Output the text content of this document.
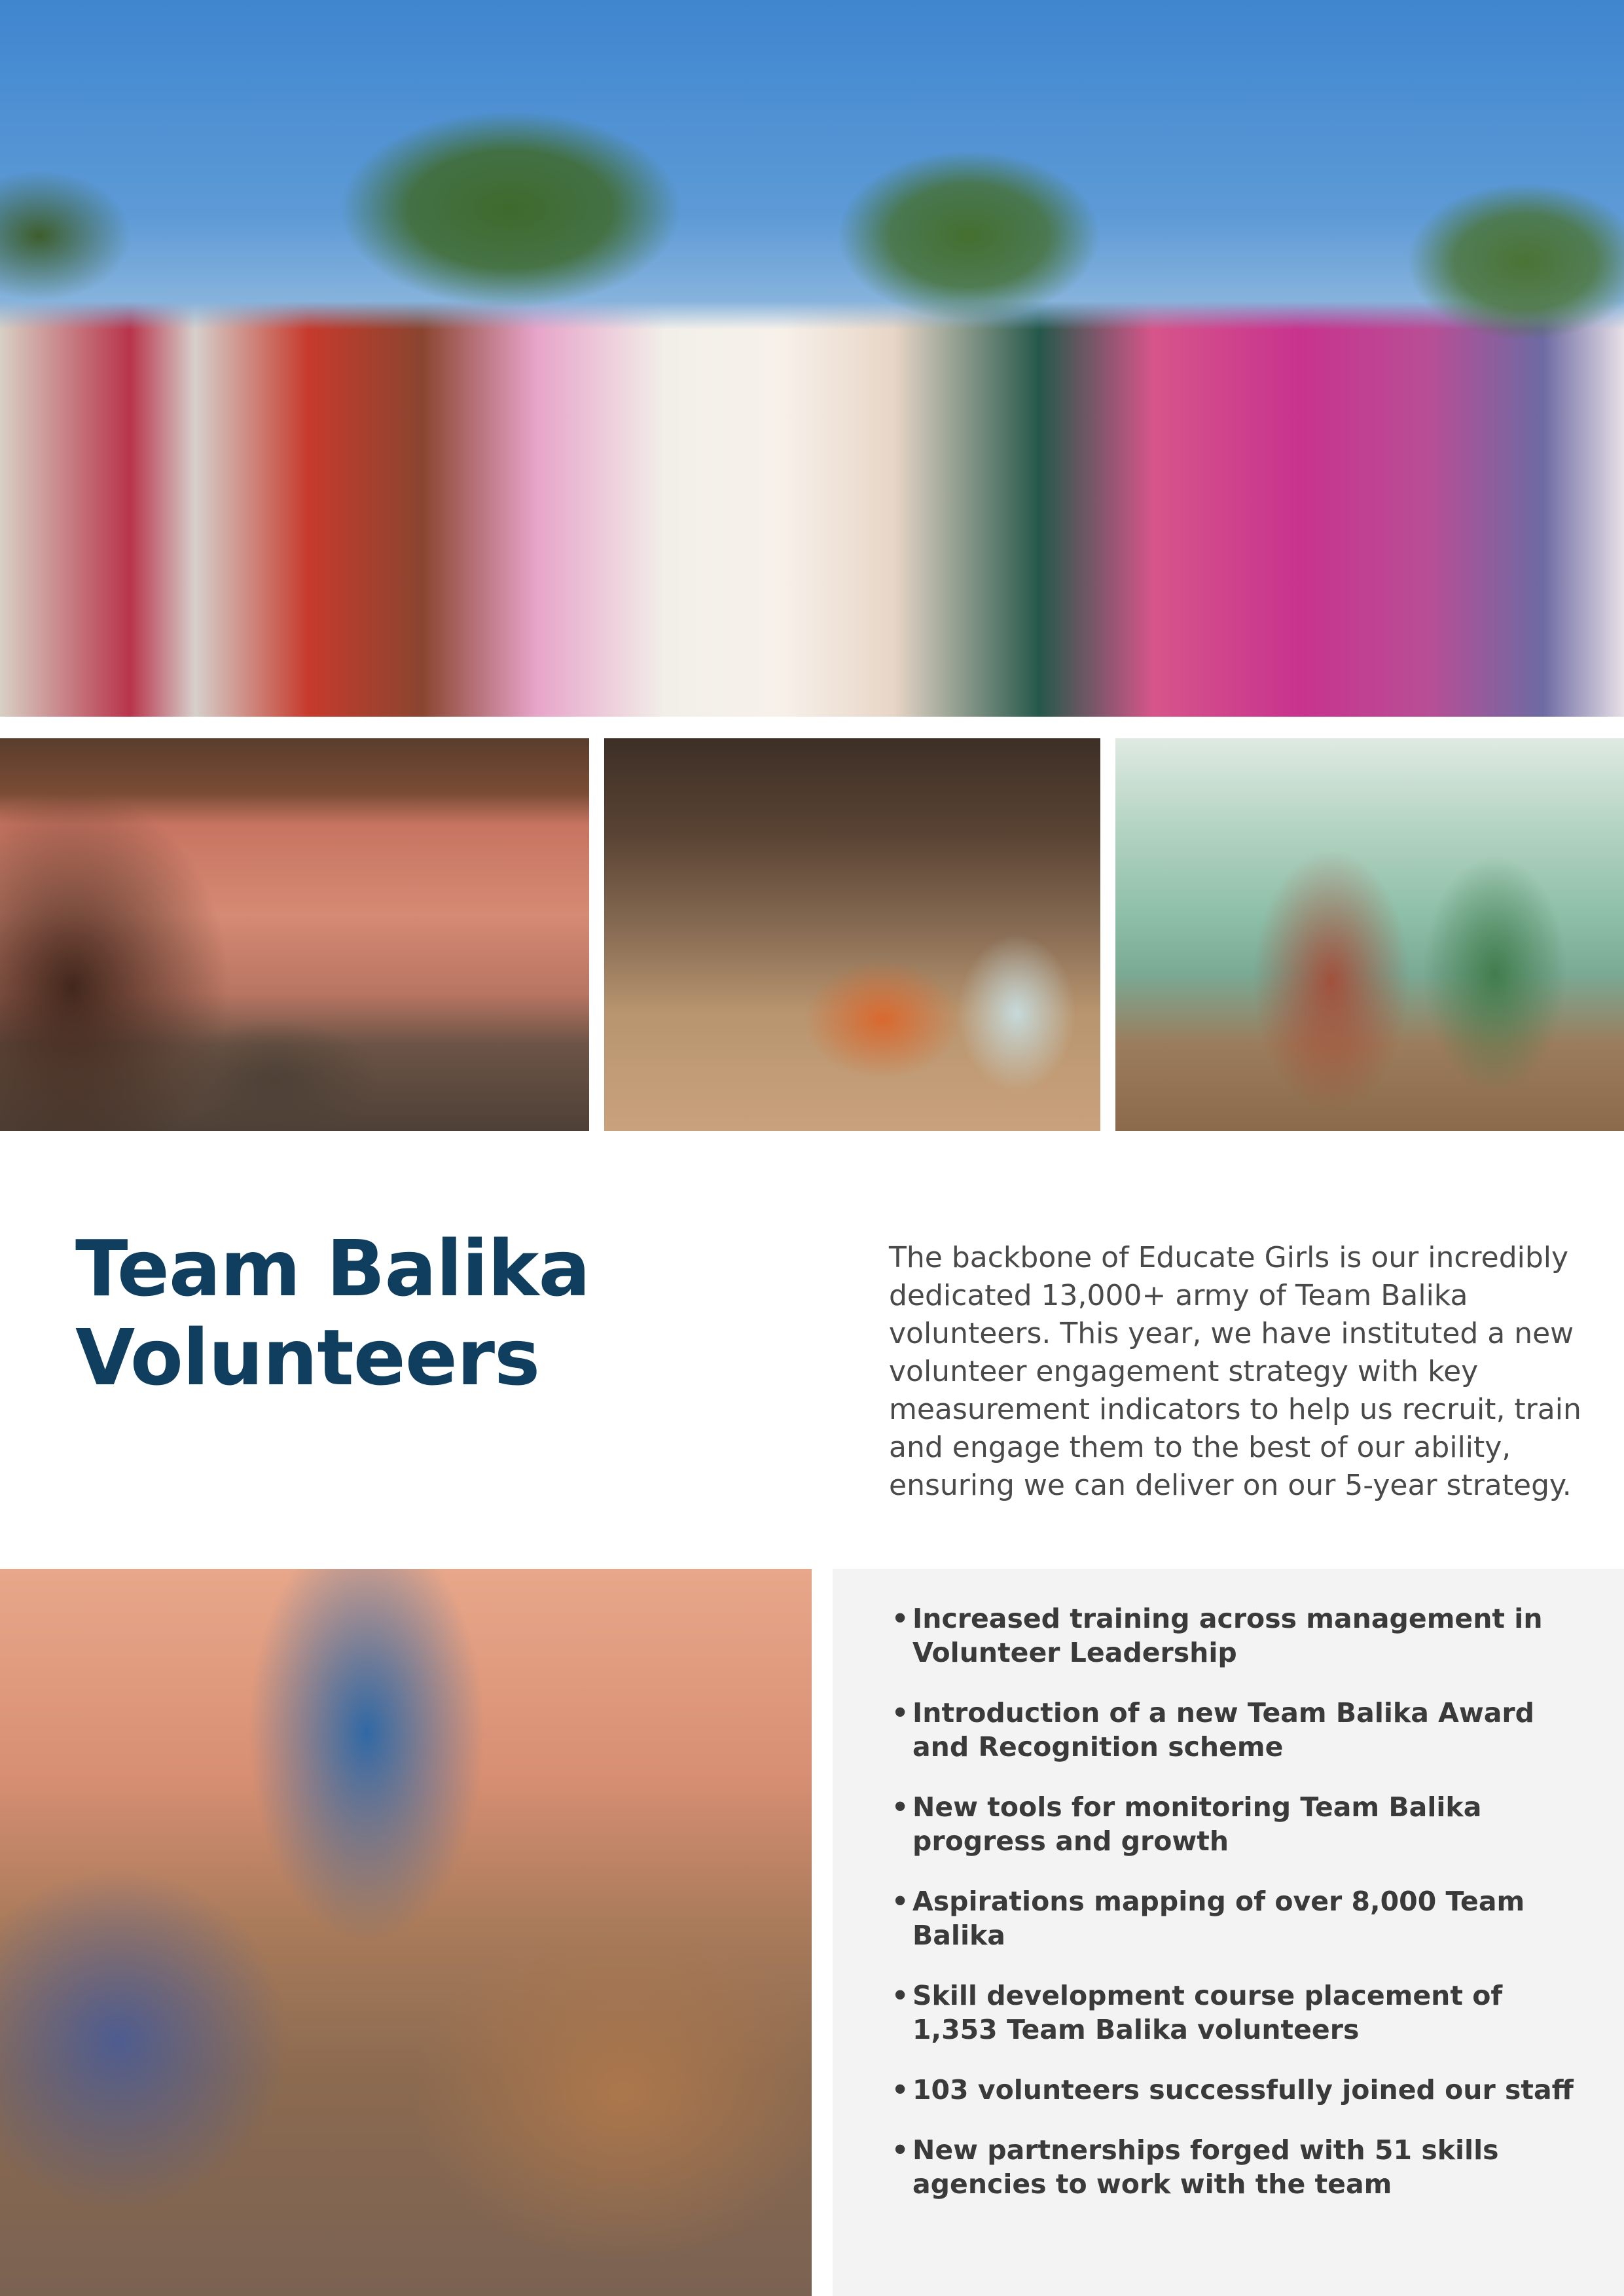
Team Balika
Volunteers

The backbone of Educate Girls is our incredibly
dedicated 13,000+ army of Team Balika
volunteers. This year, we have instituted a new
volunteer engagement strategy with key
measurement indicators to help us recruit, train
and engage them to the best of our ability,
ensuring we can deliver on our 5-year strategy.

• Increased training across management in
Volunteer Leadership
• Introduction of a new Team Balika Award
and Recognition scheme
• New tools for monitoring Team Balika
progress and growth
• Aspirations mapping of over 8,000 Team
Balika
• Skill development course placement of
1,353 Team Balika volunteers
• 103 volunteers successfully joined our staff
• New partnerships forged with 51 skills
agencies to work with the team
